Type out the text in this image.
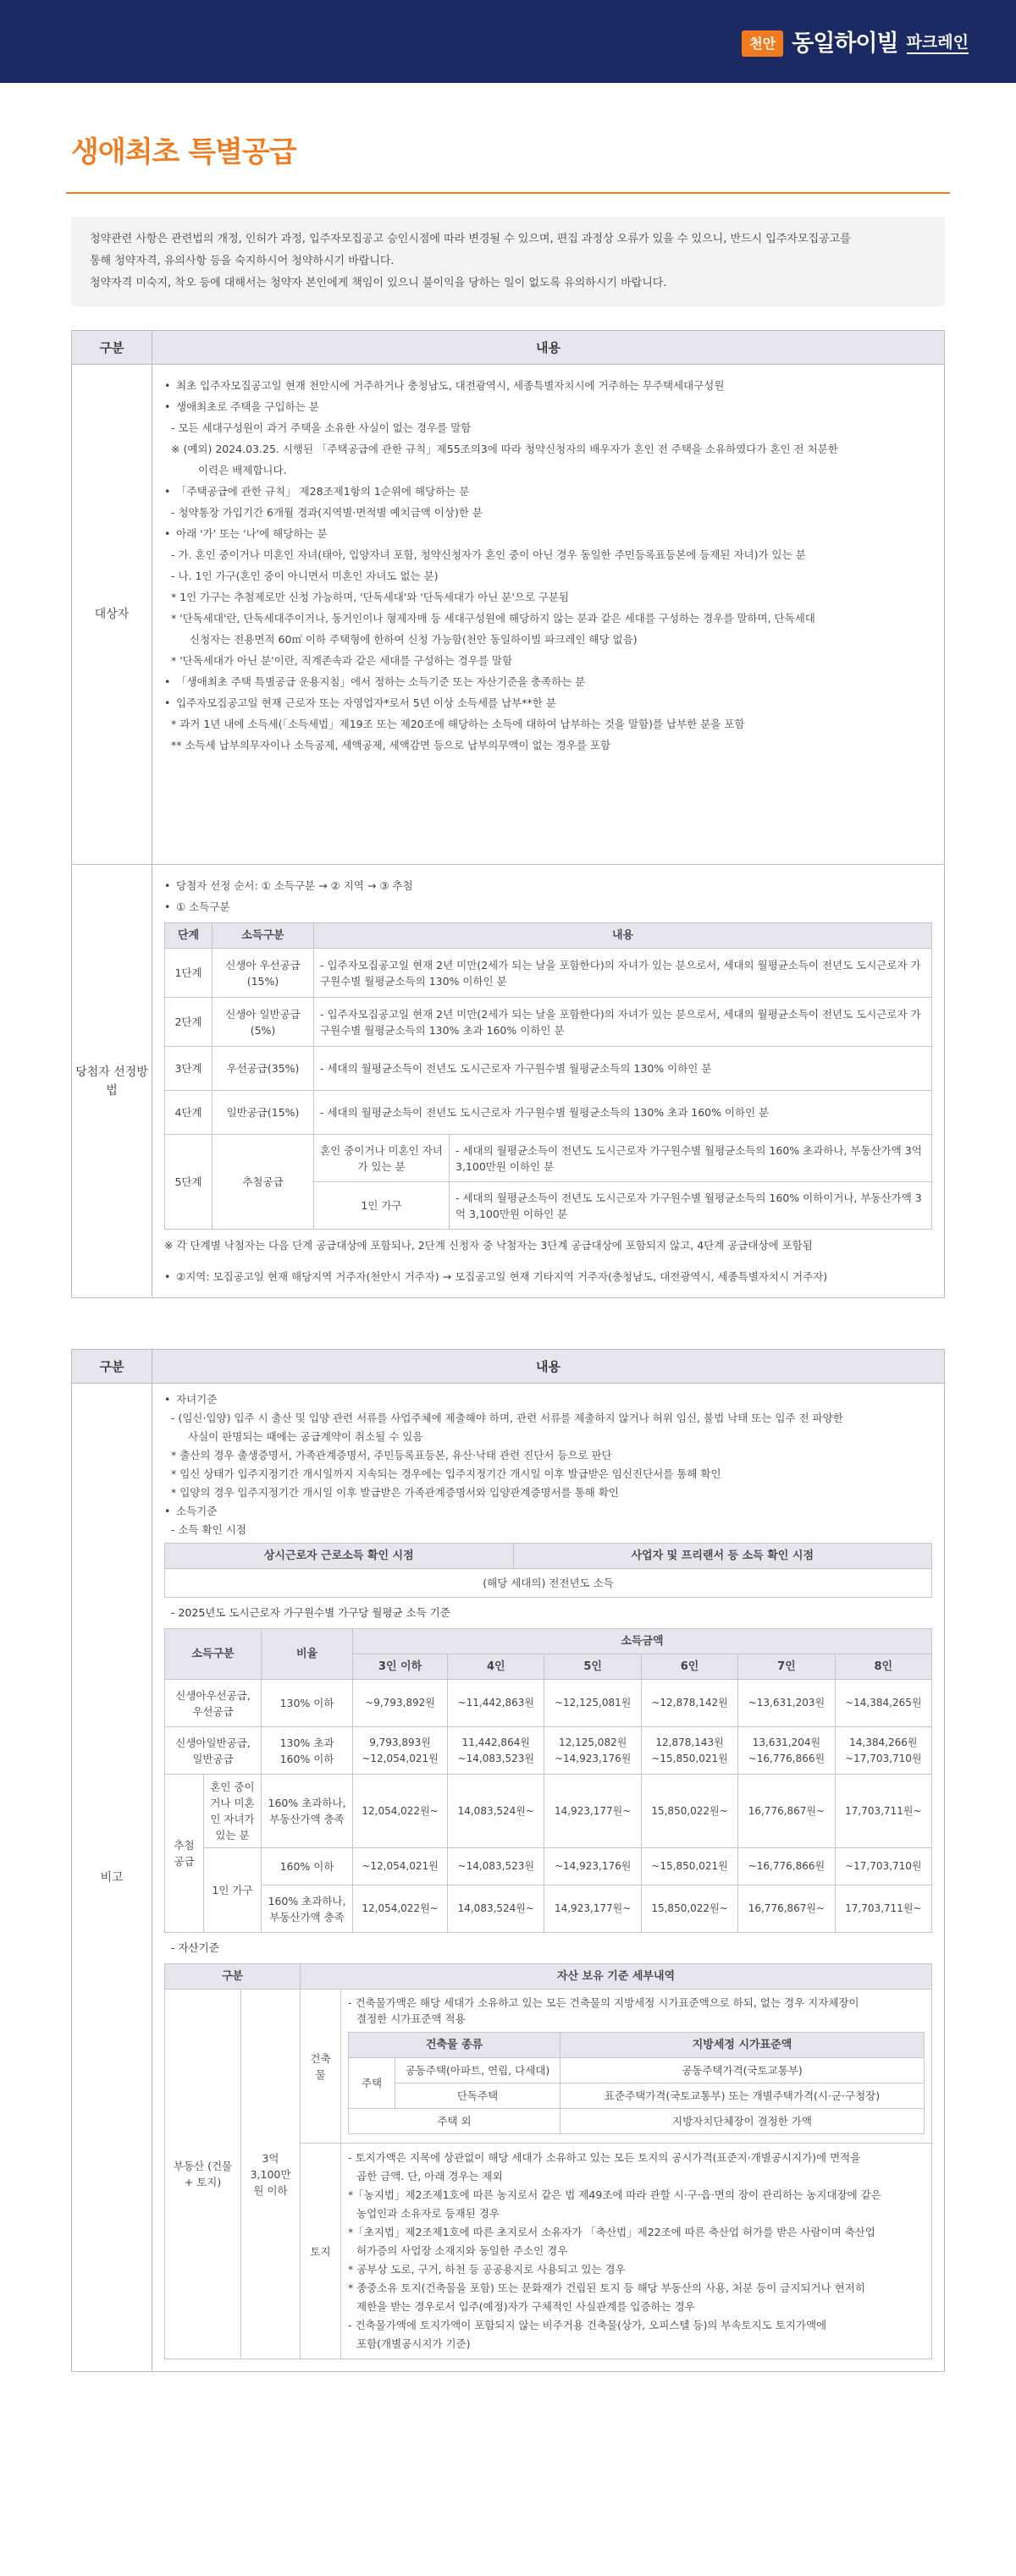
천안 동일하이빌 파크레인
생애최초 특별공급
청약관련 사항은 관련법의 개정, 인허가 과정, 입주자모집공고 승인시점에 따라 변경될 수 있으며, 편집 과정상 오류가 있을 수 있으니, 반드시 입주자모집공고를
통해 청약자격, 유의사항 등을 숙지하시어 청약하시기 바랍니다.
청약자격 미숙지, 착오 등에 대해서는 청약자 본인에게 책임이 있으니 불이익을 당하는 일이 없도록 유의하시기 바랍니다.
구분	내용
대상자	
• 최초 입주자모집공고일 현재 천안시에 거주하거나 충청남도, 대전광역시, 세종특별자치시에 거주하는 무주택세대구성원
• 생애최초로 주택을 구입하는 분
- 모든 세대구성원이 과거 주택을 소유한 사실이 없는 경우를 말함
※ (예외) 2024.03.25. 시행된 「주택공급에 관한 규칙」제55조의3에 따라 청약신청자의 배우자가 혼인 전 주택을 소유하였다가 혼인 전 처분한
이력은 배제합니다.
• 「주택공급에 관한 규칙」 제28조제1항의 1순위에 해당하는 분
- 청약통장 가입기간 6개월 경과(지역별·면적별 예치금액 이상)한 분
• 아래 '가' 또는 '나'에 해당하는 분
- 가. 혼인 중이거나 미혼인 자녀(태아, 입양자녀 포함, 청약신청자가 혼인 중이 아닌 경우 동일한 주민등록표등본에 등재된 자녀)가 있는 분
- 나. 1인 가구(혼인 중이 아니면서 미혼인 자녀도 없는 분)
* 1인 가구는 추첨제로만 신청 가능하며, '단독세대'와 '단독세대가 아닌 분'으로 구분됨
* '단독세대'란, 단독세대주이거나, 동거인이나 형제자매 등 세대구성원에 해당하지 않는 분과 같은 세대를 구성하는 경우를 말하며, 단독세대
신청자는 전용면적 60㎡ 이하 주택형에 한하여 신청 가능함(천안 동일하이빌 파크레인 해당 없음)
* '단독세대가 아닌 분'이란, 직계존속과 같은 세대를 구성하는 경우를 말함
• 「생애최초 주택 특별공급 운용지침」에서 정하는 소득기준 또는 자산기준을 충족하는 분
• 입주자모집공고일 현재 근로자 또는 자영업자*로서 5년 이상 소득세를 납부**한 분
* 과거 1년 내에 소득세(「소득세법」제19조 또는 제20조에 해당하는 소득에 대하여 납부하는 것을 말함)를 납부한 분을 포함
** 소득세 납부의무자이나 소득공제, 세액공제, 세액감면 등으로 납부의무액이 없는 경우를 포함

당첨자 선정방법	
• 당첨자 선정 순서: ① 소득구분 → ② 지역 → ③ 추첨
• ① 소득구분
단계	소득구분	내용
1단계	신생아 우선공급 (15%)	- 입주자모집공고일 현재 2년 미만(2세가 되는 날을 포함한다)의 자녀가 있는 분으로서, 세대의 월평균소득이 전년도 도시근로자 가구원수별 월평균소득의 130% 이하인 분
2단계	신생아 일반공급 (5%)	- 입주자모집공고일 현재 2년 미만(2세가 되는 날을 포함한다)의 자녀가 있는 분으로서, 세대의 월평균소득이 전년도 도시근로자 가구원수별 월평균소득의 130% 초과 160% 이하인 분
3단계	우선공급(35%)	- 세대의 월평균소득이 전년도 도시근로자 가구원수별 월평균소득의 130% 이하인 분
4단계	일반공급(15%)	- 세대의 월평균소득이 전년도 도시근로자 가구원수별 월평균소득의 130% 초과 160% 이하인 분
5단계	추첨공급	혼인 중이거나 미혼인 자녀가 있는 분	- 세대의 월평균소득이 전년도 도시근로자 가구원수별 월평균소득의 160% 초과하나, 부동산가액 3억 3,100만원 이하인 분
1인 가구	- 세대의 월평균소득이 전년도 도시근로자 가구원수별 월평균소득의 160% 이하이거나, 부동산가액 3억 3,100만원 이하인 분
※ 각 단계별 낙첨자는 다음 단계 공급대상에 포함되나, 2단계 신청자 중 낙첨자는 3단계 공급대상에 포함되지 않고, 4단계 공급대상에 포함됨
• ②지역: 모집공고일 현재 해당지역 거주자(천안시 거주자) → 모집공고일 현재 기타지역 거주자(충청남도, 대전광역시, 세종특별자치시 거주자)
구분	내용
비고	
• 자녀기준
- (임신·입양) 입주 시 출산 및 입양 관련 서류를 사업주체에 제출해야 하며, 관련 서류를 제출하지 않거나 허위 임신, 불법 낙태 또는 입주 전 파양한
사실이 판명되는 때에는 공급계약이 취소될 수 있음
* 출산의 경우 출생증명서, 가족관계증명서, 주민등록표등본, 유산·낙태 관련 진단서 등으로 판단
* 임신 상태가 입주지정기간 개시일까지 지속되는 경우에는 입주지정기간 개시일 이후 발급받은 임신진단서를 통해 확인
* 입양의 경우 입주지정기간 개시일 이후 발급받은 가족관계증명서와 입양관계증명서를 통해 확인
• 소득기준
- 소득 확인 시점
상시근로자 근로소득 확인 시점	사업자 및 프리랜서 등 소득 확인 시점
(해당 세대의) 전전년도 소득
- 2025년도 도시근로자 가구원수별 가구당 월평균 소득 기준
소득구분	비율	소득금액
3인 이하	4인	5인	6인	7인	8인
신생아우선공급, 우선공급	130% 이하	~9,793,892원	~11,442,863원	~12,125,081원	~12,878,142원	~13,631,203원	~14,384,265원
신생아일반공급, 일반공급	130% 초과 160% 이하	9,793,893원 ~12,054,021원	11,442,864원 ~14,083,523원	12,125,082원 ~14,923,176원	12,878,143원 ~15,850,021원	13,631,204원 ~16,776,866원	14,384,266원 ~17,703,710원
추첨 공급	혼인 중이거나 미혼인 자녀가 있는 분	160% 초과하나, 부동산가액 충족	12,054,022원~	14,083,524원~	14,923,177원~	15,850,022원~	16,776,867원~	17,703,711원~
1인 가구	160% 이하	~12,054,021원	~14,083,523원	~14,923,176원	~15,850,021원	~16,776,866원	~17,703,710원
160% 초과하나, 부동산가액 충족	12,054,022원~	14,083,524원~	14,923,177원~	15,850,022원~	16,776,867원~	17,703,711원~
- 자산기준
구분	자산 보유 기준 세부내역
부동산 (건물 + 토지)	3억 3,100만원 이하	건축물	
- 건축물가액은 해당 세대가 소유하고 있는 모든 건축물의 지방세정 시가표준액으로 하되, 없는 경우 지자체장이
결정한 시가표준액 적용
건축물 종류	지방세정 시가표준액
주택	공동주택(아파트, 연립, 다세대)	공동주택가격(국토교통부)
단독주택	표준주택가격(국토교통부) 또는 개별주택가격(시·군·구청장)
주택 외	지방자치단체장이 결정한 가액

토지	
- 토지가액은 지목에 상관없이 해당 세대가 소유하고 있는 모든 토지의 공시가격(표준지·개별공시지가)에 면적을
곱한 금액. 단, 아래 경우는 제외
*「농지법」제2조제1호에 따른 농지로서 같은 법 제49조에 따라 관할 시·구·읍·면의 장이 관리하는 농지대장에 같은
농업인과 소유자로 등재된 경우
*「초지법」제2조제1호에 따른 초지로서 소유자가 「축산법」제22조에 따른 축산업 허가를 받은 사람이며 축산업
허가증의 사업장 소재지와 동일한 주소인 경우
* 공부상 도로, 구거, 하천 등 공공용지로 사용되고 있는 경우
* 종중소유 토지(건축물을 포함) 또는 문화재가 건립된 토지 등 해당 부동산의 사용, 처분 등이 금지되거나 현저히
제한을 받는 경우로서 입주(예정)자가 구체적인 사실관계를 입증하는 경우
- 건축물가액에 토지가액이 포함되지 않는 비주거용 건축물(상가, 오피스텔 등)의 부속토지도 토지가액에
포함(개별공시지가 기준)
